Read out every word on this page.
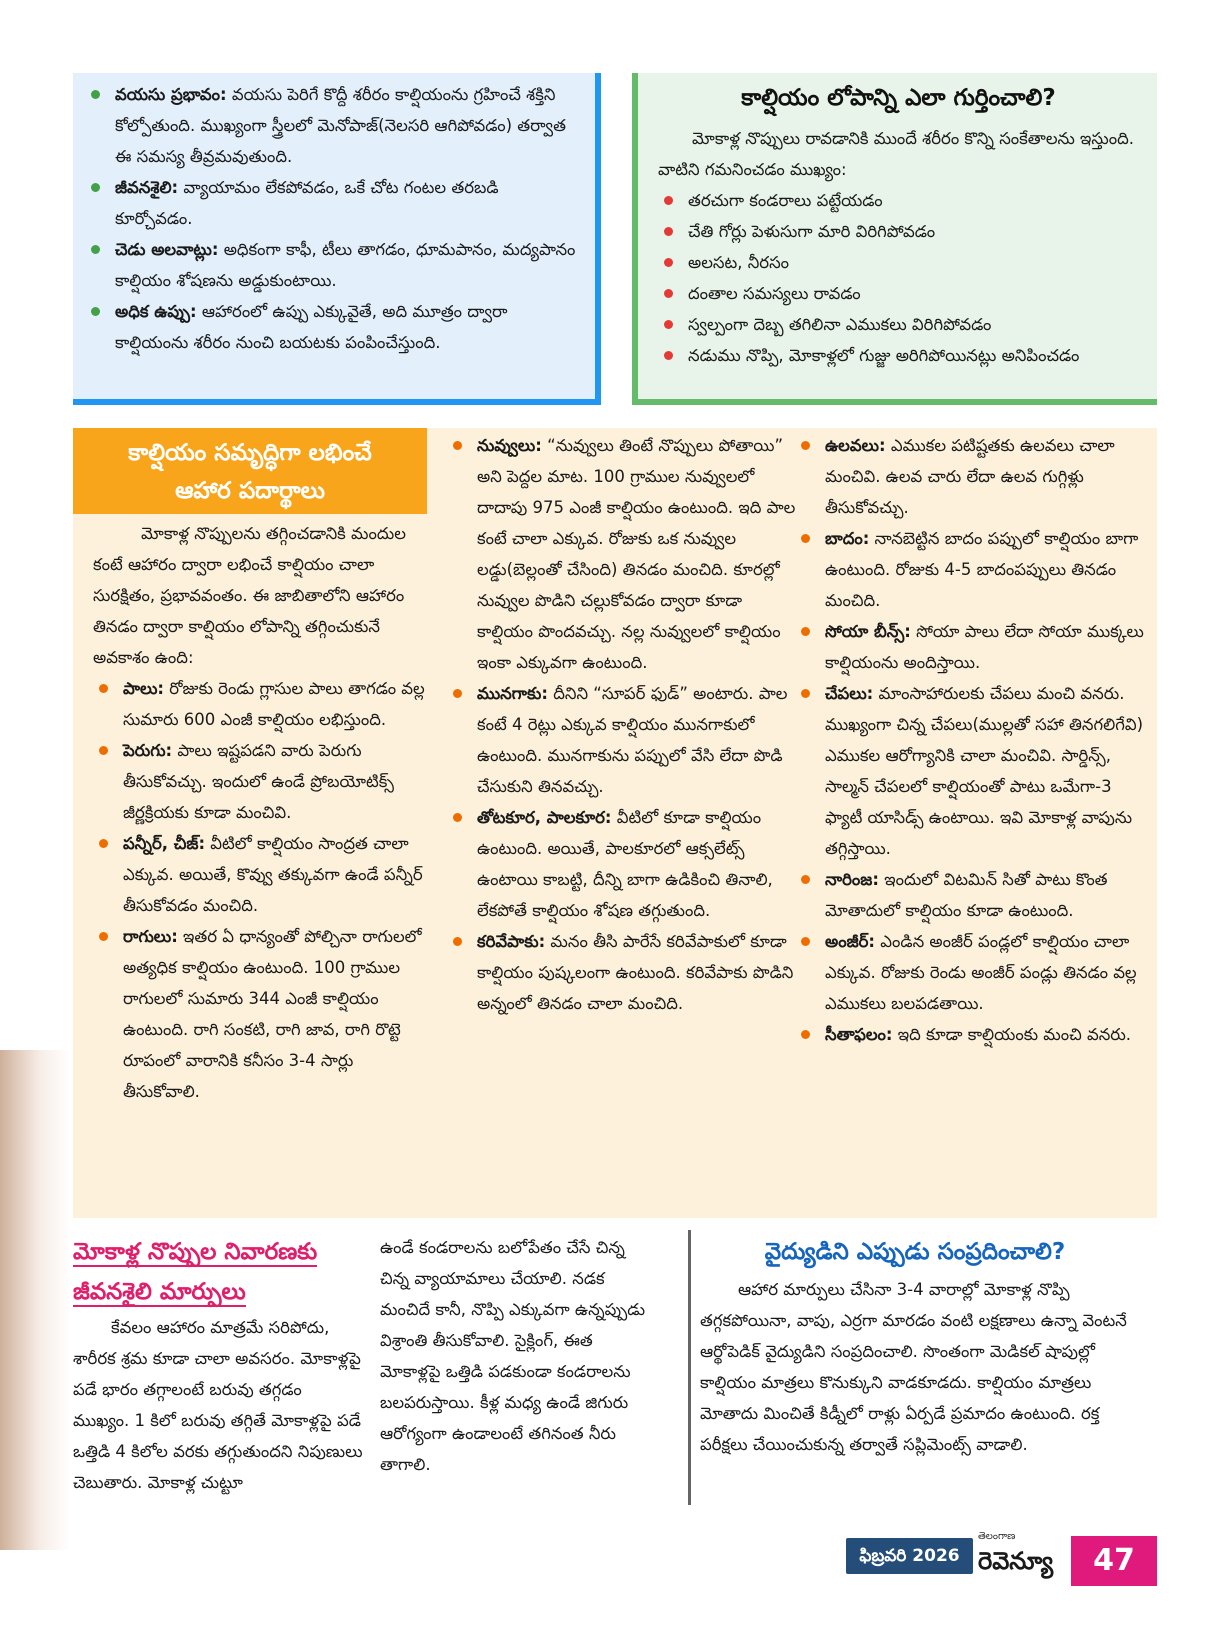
వయసు ప్రభావం: వయసు పెరిగే కొద్దీ శరీరం కాల్షియంను గ్రహించే శక్తిని కోల్పోతుంది. ముఖ్యంగా స్త్రీలలో మెనోపాజ్(నెలసరి ఆగిపోవడం) తర్వాత ఈ సమస్య తీవ్రమవుతుంది.
జీవనశైలి: వ్యాయామం లేకపోవడం, ఒకే చోట గంటల తరబడి కూర్చోవడం.
చెడు అలవాట్లు: అధికంగా కాఫీ, టీలు తాగడం, ధూమపానం, మద్యపానం కాల్షియం శోషణను అడ్డుకుంటాయి.
అధిక ఉప్పు: ఆహారంలో ఉప్పు ఎక్కువైతే, అది మూత్రం ద్వారా కాల్షియంను శరీరం నుంచి బయటకు పంపించేస్తుంది.
కాల్షియం లోపాన్ని ఎలా గుర్తించాలి?

మోకాళ్ల నొప్పులు రావడానికి ముందే శరీరం కొన్ని సంకేతాలను ఇస్తుంది. వాటిని గమనించడం ముఖ్యం:

తరచుగా కండరాలు పట్టేయడం
చేతి గోర్లు పెళుసుగా మారి విరిగిపోవడం
అలసట, నీరసం
దంతాల సమస్యలు రావడం
స్వల్పంగా దెబ్బ తగిలినా ఎముకలు విరిగిపోవడం
నడుము నొప్పి, మోకాళ్లలో గుజ్జు అరిగిపోయినట్లు అనిపించడం
కాల్షియం సమృద్ధిగా లభించే
ఆహార పదార్థాలు

మోకాళ్ల నొప్పులను తగ్గించడానికి మందుల కంటే ఆహారం ద్వారా లభించే కాల్షియం చాలా సురక్షితం, ప్రభావవంతం. ఈ జాబితాలోని ఆహారం తినడం ద్వారా కాల్షియం లోపాన్ని తగ్గించుకునే అవకాశం ఉంది:

పాలు: రోజుకు రెండు గ్లాసుల పాలు తాగడం వల్ల సుమారు 600 ఎంజీ కాల్షియం లభిస్తుంది.
పెరుగు: పాలు ఇష్టపడని వారు పెరుగు తీసుకోవచ్చు. ఇందులో ఉండే ప్రోబయోటిక్స్ జీర్ణక్రియకు కూడా మంచివి.
పన్నీర్, చీజ్: వీటిలో కాల్షియం సాంద్రత చాలా ఎక్కువ. అయితే, కొవ్వు తక్కువగా ఉండే పన్నీర్ తీసుకోవడం మంచిది.
రాగులు: ఇతర ఏ ధాన్యంతో పోల్చినా రాగులలో అత్యధిక కాల్షియం ఉంటుంది. 100 గ్రాముల రాగులలో సుమారు 344 ఎంజీ కాల్షియం ఉంటుంది. రాగి సంకటి, రాగి జావ, రాగి రొట్టె రూపంలో వారానికి కనీసం 3-4 సార్లు తీసుకోవాలి.
నువ్వులు: “నువ్వులు తింటే నొప్పులు పోతాయి” అని పెద్దల మాట. 100 గ్రాముల నువ్వులలో దాదాపు 975 ఎంజీ కాల్షియం ఉంటుంది. ఇది పాల కంటే చాలా ఎక్కువ. రోజుకు ఒక నువ్వుల లడ్డు(బెల్లంతో చేసింది) తినడం మంచిది. కూరల్లో నువ్వుల పొడిని చల్లుకోవడం ద్వారా కూడా కాల్షియం పొందవచ్చు. నల్ల నువ్వులలో కాల్షియం ఇంకా ఎక్కువగా ఉంటుంది.
మునగాకు: దీనిని “సూపర్ ఫుడ్” అంటారు. పాల కంటే 4 రెట్లు ఎక్కువ కాల్షియం మునగాకులో ఉంటుంది. మునగాకును పప్పులో వేసి లేదా పొడి చేసుకుని తినవచ్చు.
తోటకూర, పాలకూర: వీటిలో కూడా కాల్షియం ఉంటుంది. అయితే, పాలకూరలో ఆక్సలేట్స్ ఉంటాయి కాబట్టి, దీన్ని బాగా ఉడికించి తినాలి, లేకపోతే కాల్షియం శోషణ తగ్గుతుంది.
కరివేపాకు: మనం తీసి పారేసే కరివేపాకులో కూడా కాల్షియం పుష్కలంగా ఉంటుంది. కరివేపాకు పొడిని అన్నంలో తినడం చాలా మంచిది.
ఉలవలు: ఎముకల పటిష్టతకు ఉలవలు చాలా మంచివి. ఉలవ చారు లేదా ఉలవ గుగ్గిళ్లు తీసుకోవచ్చు.
బాదం: నానబెట్టిన బాదం పప్పులో కాల్షియం బాగా ఉంటుంది. రోజుకు 4-5 బాదంపప్పులు తినడం మంచిది.
సోయా బీన్స్: సోయా పాలు లేదా సోయా ముక్కలు కాల్షియంను అందిస్తాయి.
చేపలు: మాంసాహారులకు చేపలు మంచి వనరు. ముఖ్యంగా చిన్న చేపలు(ముల్లతో సహా తినగలిగేవి) ఎముకల ఆరోగ్యానికి చాలా మంచివి. సార్డిన్స్, సాల్మన్ చేపలలో కాల్షియంతో పాటు ఒమేగా-3 ఫ్యాటీ యాసిడ్స్ ఉంటాయి. ఇవి మోకాళ్ల వాపును తగ్గిస్తాయి.
నారింజ: ఇందులో విటమిన్ సితో పాటు కొంత మోతాదులో కాల్షియం కూడా ఉంటుంది.
అంజీర్: ఎండిన అంజీర్ పండ్లలో కాల్షియం చాలా ఎక్కువ. రోజుకు రెండు అంజీర్ పండ్లు తినడం వల్ల ఎముకలు బలపడతాయి.
సీతాఫలం: ఇది కూడా కాల్షియంకు మంచి వనరు.
మోకాళ్ల నొప్పుల నివారణకు
జీవనశైలి మార్పులు

కేవలం ఆహారం మాత్రమే సరిపోదు, శారీరక శ్రమ కూడా చాలా అవసరం. మోకాళ్లపై పడే భారం తగ్గాలంటే బరువు తగ్గడం ముఖ్యం. 1 కిలో బరువు తగ్గితే మోకాళ్లపై పడే ఒత్తిడి 4 కిలోల వరకు తగ్గుతుందని నిపుణులు చెబుతారు. మోకాళ్ల చుట్టూ

ఉండే కండరాలను బలోపేతం చేసే చిన్న చిన్న వ్యాయామాలు చేయాలి. నడక మంచిదే కానీ, నొప్పి ఎక్కువగా ఉన్నప్పుడు విశ్రాంతి తీసుకోవాలి. సైక్లింగ్, ఈత మోకాళ్లపై ఒత్తిడి పడకుండా కండరాలను బలపరుస్తాయి. కీళ్ల మధ్య ఉండే జిగురు ఆరోగ్యంగా ఉండాలంటే తగినంత నీరు తాగాలి.

వైద్యుడిని ఎప్పుడు సంప్రదించాలి?

ఆహార మార్పులు చేసినా 3-4 వారాల్లో మోకాళ్ల నొప్పి తగ్గకపోయినా, వాపు, ఎర్రగా మారడం వంటి లక్షణాలు ఉన్నా వెంటనే ఆర్థోపెడిక్ వైద్యుడిని సంప్రదించాలి. సొంతంగా మెడికల్ షాపుల్లో కాల్షియం మాత్రలు కొనుక్కుని వాడకూడదు. కాల్షియం మాత్రలు మోతాదు మించితే కిడ్నీలో రాళ్లు ఏర్పడే ప్రమాదం ఉంటుంది. రక్త పరీక్షలు చేయించుకున్న తర్వాతే సప్లిమెంట్స్ వాడాలి.

ఫిబ్రవరి 2026
తెలంగాణ
రెవెన్యూ	47
